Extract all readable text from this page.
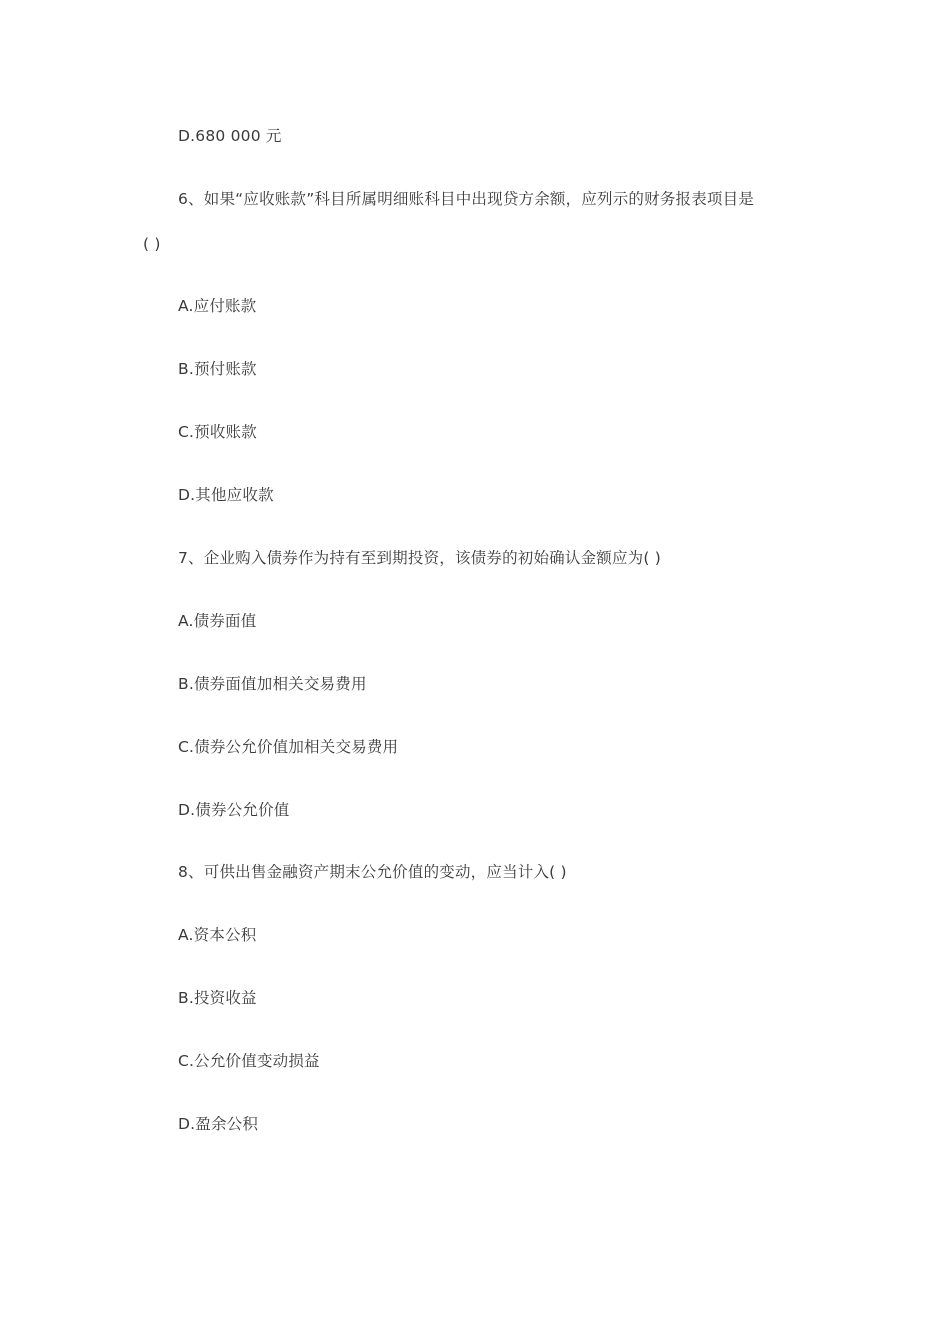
D.680 000 元
6、如果“应收账款”科目所属明细账科目中出现贷方余额，应列示的财务报表项目是
( )
A.应付账款
B.预付账款
C.预收账款
D.其他应收款
7、企业购入债券作为持有至到期投资，该债券的初始确认金额应为( )
A.债券面值
B.债券面值加相关交易费用
C.债券公允价值加相关交易费用
D.债券公允价值
8、可供出售金融资产期末公允价值的变动，应当计入( )
A.资本公积
B.投资收益
C.公允价值变动损益
D.盈余公积
